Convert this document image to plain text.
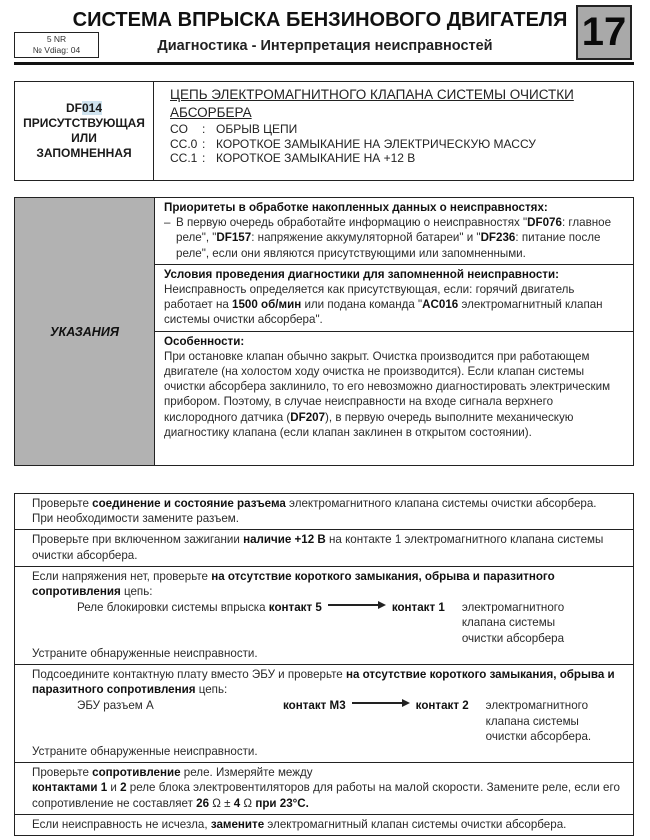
СИСТЕМА ВПРЫСКА БЕНЗИНОВОГО ДВИГАТЕЛЯ
5 NR
№ Vdiag: 04	Диагностика - Интерпретация неисправностей	17
DF014
ПРИСУТСТВУЮЩАЯ
ИЛИ
ЗАПОМНЕННАЯ
ЦЕПЬ ЭЛЕКТРОМАГНИТНОГО КЛАПАНА СИСТЕМЫ ОЧИСТКИ АБСОРБЕРА
CO	: ОБРЫВ ЦЕПИ
CC.0 : КОРОТКОЕ ЗАМЫКАНИЕ НА ЭЛЕКТРИЧЕСКУЮ МАССУ
CC.1 : КОРОТКОЕ ЗАМЫКАНИЕ НА +12 В
УКАЗАНИЯ
Приоритеты в обработке накопленных данных о неисправностях:
– В первую очередь обработайте информацию о неисправностях "DF076: главное реле", "DF157: напряжение аккумуляторной батареи" и "DF236: питание после реле", если они являются присутствующими или запомненными.
Условия проведения диагностики для запомненной неисправности:
Неисправность определяется как присутствующая, если: горячий двигатель работает на 1500 об/мин или подана команда "AC016 электромагнитный клапан системы очистки абсорбера".
Особенности:
При остановке клапан обычно закрыт. Очистка производится при работающем двигателе (на холостом ходу очистка не производится). Если клапан системы очистки абсорбера заклинило, то его невозможно диагностировать электрическим прибором. Поэтому, в случае неисправности на входе сигнала верхнего кислородного датчика (DF207), в первую очередь выполните механическую диагностику клапана (если клапан заклинен в открытом состоянии).
Проверьте соединение и состояние разъема электромагнитного клапана системы очистки абсорбера.
При необходимости замените разъем.
Проверьте при включенном зажигании наличие +12 В на контакте 1 электромагнитного клапана системы очистки абсорбера.
Если напряжения нет, проверьте на отсутствие короткого замыкания, обрыва и паразитного сопротивления цепь:
Реле блокировки системы впрыска контакт 5	контакт 1	электромагнитного клапана системы очистки абсорбера
Устраните обнаруженные неисправности.
Подсоедините контактную плату вместо ЭБУ и проверьте на отсутствие короткого замыкания, обрыва и паразитного сопротивления цепь:
ЭБУ разъем А	контакт М3	контакт 2	электромагнитного клапана системы очистки абсорбера.
Устраните обнаруженные неисправности.
Проверьте сопротивление реле. Измеряйте между
контактами 1 и 2 реле блока электровентиляторов для работы на малой скорости. Замените реле, если его сопротивление не составляет 26 Ω ± 4 Ω при 23°С.
Если неисправность не исчезла, замените электромагнитный клапан системы очистки абсорбера.
